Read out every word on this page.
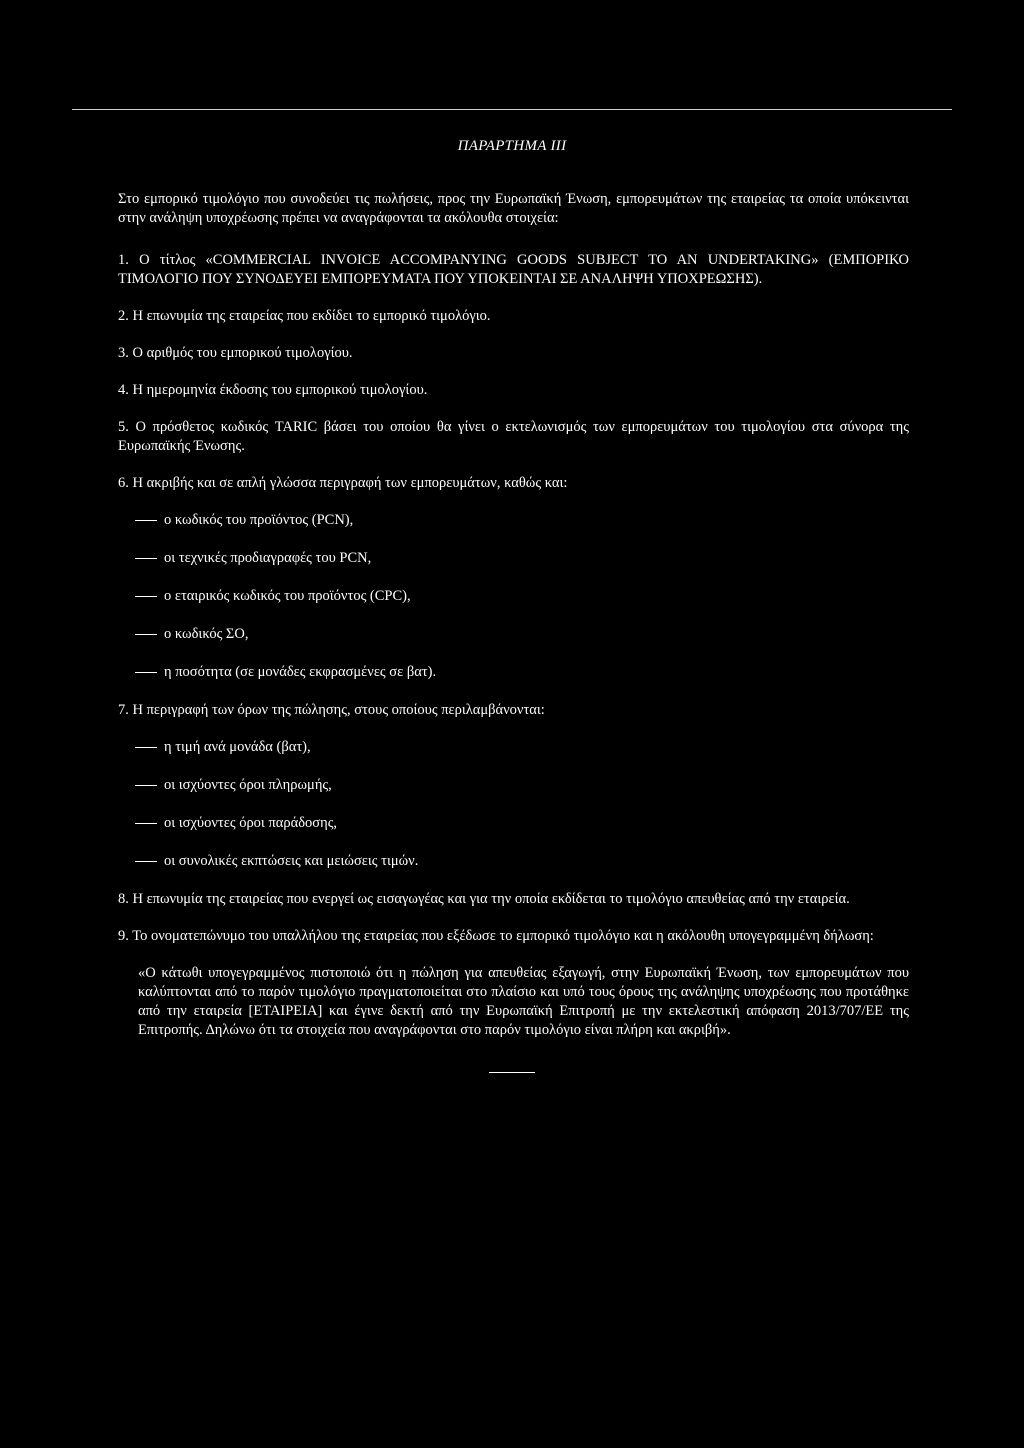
ΠΑΡΑΡΤΗΜΑ III

Στο εμπορικό τιμολόγιο που συνοδεύει τις πωλήσεις, προς την Ευρωπαϊκή Ένωση, εμπορευμάτων της εταιρείας τα οποία υπόκεινται στην ανάληψη υποχρέωσης πρέπει να αναγράφονται τα ακόλουθα στοιχεία:

1. Ο τίτλος «COMMERCIAL INVOICE ACCOMPANYING GOODS SUBJECT TO AN UNDERTAKING» (ΕΜΠΟΡΙΚΟ ΤΙΜΟΛΟΓΙΟ ΠΟΥ ΣΥΝΟΔΕΥΕΙ ΕΜΠΟΡΕΥΜΑΤΑ ΠΟΥ ΥΠΟΚΕΙΝΤΑΙ ΣΕ ΑΝΑΛΗΨΗ ΥΠΟΧΡΕΩΣΗΣ).
2. Η επωνυμία της εταιρείας που εκδίδει το εμπορικό τιμολόγιο.
3. Ο αριθμός του εμπορικού τιμολογίου.
4. Η ημερομηνία έκδοσης του εμπορικού τιμολογίου.
5. Ο πρόσθετος κωδικός TARIC βάσει του οποίου θα γίνει ο εκτελωνισμός των εμπορευμάτων του τιμολογίου στα σύνορα της Ευρωπαϊκής Ένωσης.
6. Η ακριβής και σε απλή γλώσσα περιγραφή των εμπορευμάτων, καθώς και:
ο κωδικός του προϊόντος (PCN),
οι τεχνικές προδιαγραφές του PCN,
ο εταιρικός κωδικός του προϊόντος (CPC),
ο κωδικός ΣΟ,
η ποσότητα (σε μονάδες εκφρασμένες σε βατ).
7. Η περιγραφή των όρων της πώλησης, στους οποίους περιλαμβάνονται:
η τιμή ανά μονάδα (βατ),
οι ισχύοντες όροι πληρωμής,
οι ισχύοντες όροι παράδοσης,
οι συνολικές εκπτώσεις και μειώσεις τιμών.
8. Η επωνυμία της εταιρείας που ενεργεί ως εισαγωγέας και για την οποία εκδίδεται το τιμολόγιο απευθείας από την εταιρεία.
9. Το ονοματεπώνυμο του υπαλλήλου της εταιρείας που εξέδωσε το εμπορικό τιμολόγιο και η ακόλουθη υπογεγραμμένη δήλωση:

«Ο κάτωθι υπογεγραμμένος πιστοποιώ ότι η πώληση για απευθείας εξαγωγή, στην Ευρωπαϊκή Ένωση, των εμπορευμάτων που καλύπτονται από το παρόν τιμολόγιο πραγματοποιείται στο πλαίσιο και υπό τους όρους της ανάληψης υποχρέωσης που προτάθηκε από την εταιρεία [ΕΤΑΙΡΕΙΑ] και έγινε δεκτή από την Ευρωπαϊκή Επιτροπή με την εκτελεστική απόφαση 2013/707/ΕΕ της Επιτροπής. Δηλώνω ότι τα στοιχεία που αναγράφονται στο παρόν τιμολόγιο είναι πλήρη και ακριβή».
